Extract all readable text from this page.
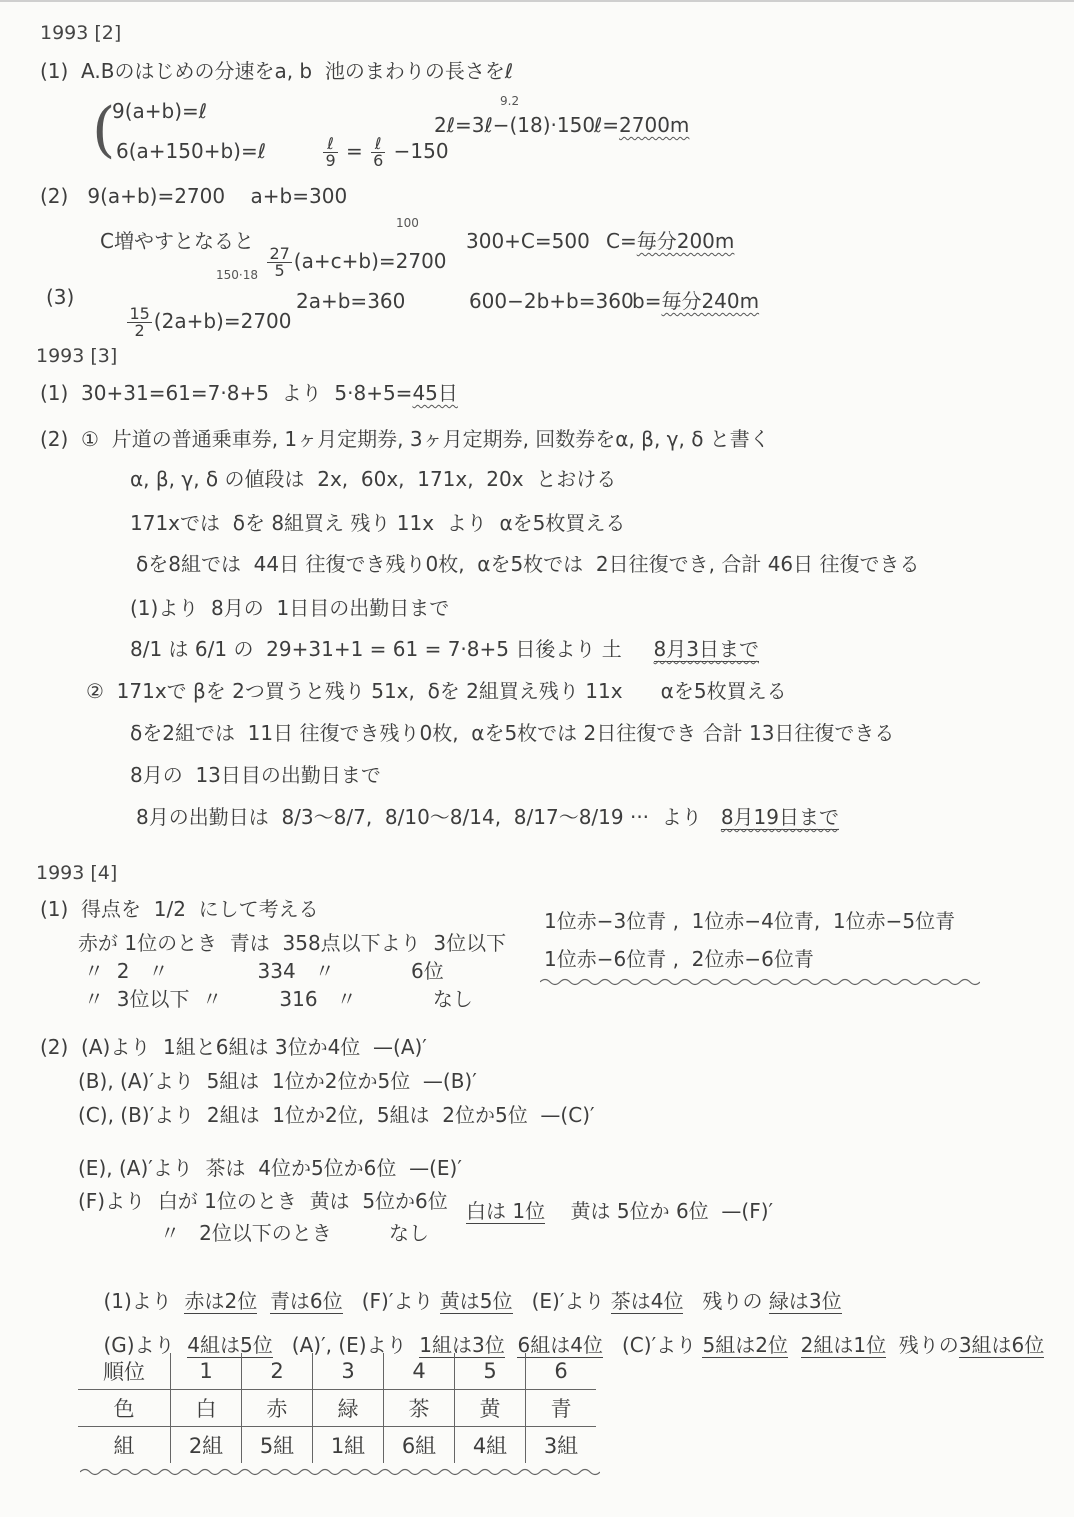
1993 [2]
(1)  A.Bのはじめの分速をa, b  池のまわりの長さをℓ
(
9(a+b)=ℓ
6(a+150+b)=ℓ

	$\frac{\text{ℓ}}{9} = \frac{\text{ℓ}}{6} -150$

9.2
2ℓ=3ℓ−(18)·150
ℓ=2700m
(2)   9(a+b)=2700    a+b=300
100
C増やすとなると

$\frac{27}{5} (a+c+b)=2700$

300+C=500 C=毎分200m
150·18
(3)

$\frac{15}{2} (2a+b)=2700$

2a+b=360          600−2b+b=360
b=毎分240m
1993 [3]
(1)  30+31=61=7·8+5  より  5·8+5=45日
(2)  ①  片道の普通乗車券, 1ヶ月定期券, 3ヶ月定期券, 回数券をα, β, γ, δ と書く
α, β, γ, δ の値段は  2x,  60x,  171x,  20x  とおける
171xでは  δを 8組買え 残り 11x  より  αを5枚買える
δを8組では  44日 往復でき残り0枚,  αを5枚では  2日往復でき, 合計 46日 往復できる
(1)より  8月の  1日目の出勤日まで
8/1 は 6/1 の  29+31+1 = 61 = 7·8+5 日後より 土     8月3日まで
②  171xで βを 2つ買うと残り 51x,  δを 2組買え残り 11x      αを5枚買える
δを2組では  11日 往復でき残り0枚,  αを5枚では 2日往復でき 合計 13日往復できる
8月の  13日目の出勤日まで
8月の出勤日は  8/3〜8/7,  8/10〜8/14,  8/17〜8/19 ···  より   8月19日まで
1993 [4]
(1)  得点を  1/2  にして考える
赤が 1位のとき  青は  358点以下より  3位以下
〃  2   〃              334   〃            6位
〃  3位以下  〃         316   〃            なし
1位赤−3位青 ,  1位赤−4位青,  1位赤−5位青
1位赤−6位青 ,  2位赤−6位青
(2)  (A)より  1組と6組は 3位か4位  —(A)′
(B), (A)′より  5組は  1位か2位か5位  —(B)′
(C), (B)′より  2組は  1位か2位,  5組は  2位か5位  —(C)′
(E), (A)′より  茶は  4位か5位か6位  —(E)′
(F)より  白が 1位のとき  黄は  5位か6位 白は 1位    黄は 5位か 6位  —(F)′
〃   2位以下のとき         なし

(1)より  赤は2位 青は6位   (F)′より 黄は5位   (E)′より 茶は4位   残りの 緑は3位

(G)より  4組は5位   (A)′, (E)より  1組は3位 6組は4位   (C)′より 5組は2位 2組は1位  残りの3組は6位

順位	1	2	3	4	5	6
色	白	赤	緑	茶	黄	青
組	2組	5組	1組	6組	4組	3組
